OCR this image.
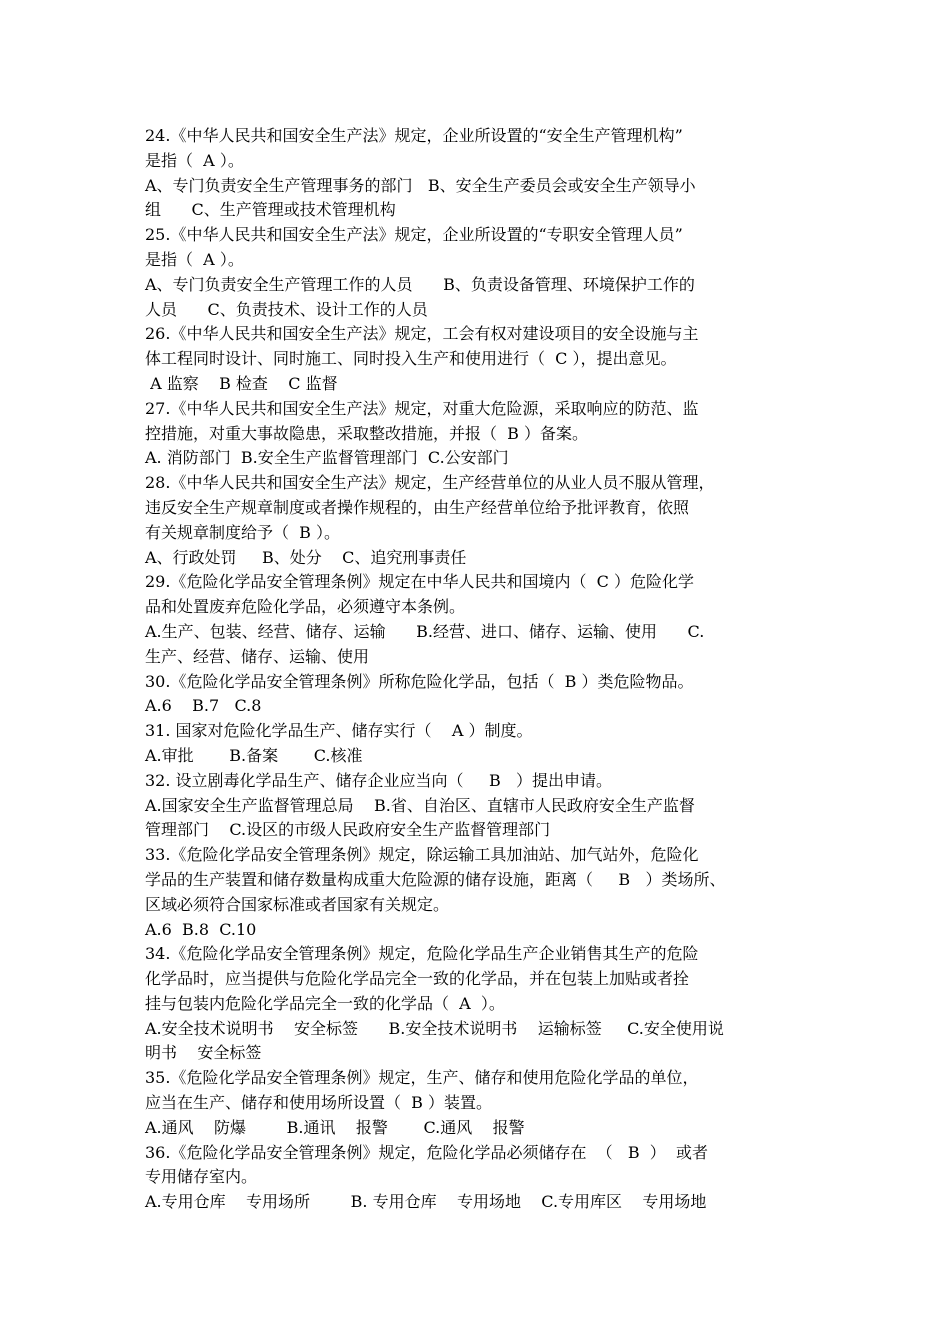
24.《中华人民共和国安全生产法》规定，企业所设置的“安全生产管理机构”
是指（  A ）。
A、专门负责安全生产管理事务的部门   B、安全生产委员会或安全生产领导小
组      C、生产管理或技术管理机构
25.《中华人民共和国安全生产法》规定，企业所设置的“专职安全管理人员”
是指（  A ）。
A、专门负责安全生产管理工作的人员      B、负责设备管理、环境保护工作的
人员      C、负责技术、设计工作的人员
26.《中华人民共和国安全生产法》规定，工会有权对建设项目的安全设施与主
体工程同时设计、同时施工、同时投入生产和使用进行（  C ），提出意见。
A 监察    B 检查    C 监督
27.《中华人民共和国安全生产法》规定，对重大危险源，采取响应的防范、监
控措施，对重大事故隐患，采取整改措施，并报（  B ）备案。
A. 消防部门  B.安全生产监督管理部门  C.公安部门
28.《中华人民共和国安全生产法》规定，生产经营单位的从业人员不服从管理，
违反安全生产规章制度或者操作规程的，由生产经营单位给予批评教育，依照
有关规章制度给予（  B ）。
A、行政处罚     B、处分    C、追究刑事责任
29.《危险化学品安全管理条例》规定在中华人民共和国境内（  C ）危险化学
品和处置废弃危险化学品，必须遵守本条例。
A.生产、包装、经营、储存、运输      B.经营、进口、储存、运输、使用      C.
生产、经营、储存、运输、使用
30.《危险化学品安全管理条例》所称危险化学品，包括（  B ）类危险物品。
A.6    B.7   C.8
31. 国家对危险化学品生产、储存实行（    A ）制度。
A.审批       B.备案       C.核准
32. 设立剧毒化学品生产、储存企业应当向（     B   ）提出申请。
A.国家安全生产监督管理总局    B.省、自治区、直辖市人民政府安全生产监督
管理部门    C.设区的市级人民政府安全生产监督管理部门
33.《危险化学品安全管理条例》规定，除运输工具加油站、加气站外，危险化
学品的生产装置和储存数量构成重大危险源的储存设施，距离（     B   ）类场所、
区域必须符合国家标准或者国家有关规定。
A.6  B.8  C.10
34.《危险化学品安全管理条例》规定，危险化学品生产企业销售其生产的危险
化学品时，应当提供与危险化学品完全一致的化学品，并在包装上加贴或者拴
挂与包装内危险化学品完全一致的化学品（  A  ）。
A.安全技术说明书    安全标签      B.安全技术说明书    运输标签     C.安全使用说
明书    安全标签
35.《危险化学品安全管理条例》规定，生产、储存和使用危险化学品的单位，
应当在生产、储存和使用场所设置（  B ）装置。
A.通风    防爆        B.通讯    报警       C.通风    报警
36.《危险化学品安全管理条例》规定，危险化学品必须储存在  （   B  ）  或者
专用储存室内。
A.专用仓库    专用场所        B. 专用仓库    专用场地    C.专用库区    专用场地
